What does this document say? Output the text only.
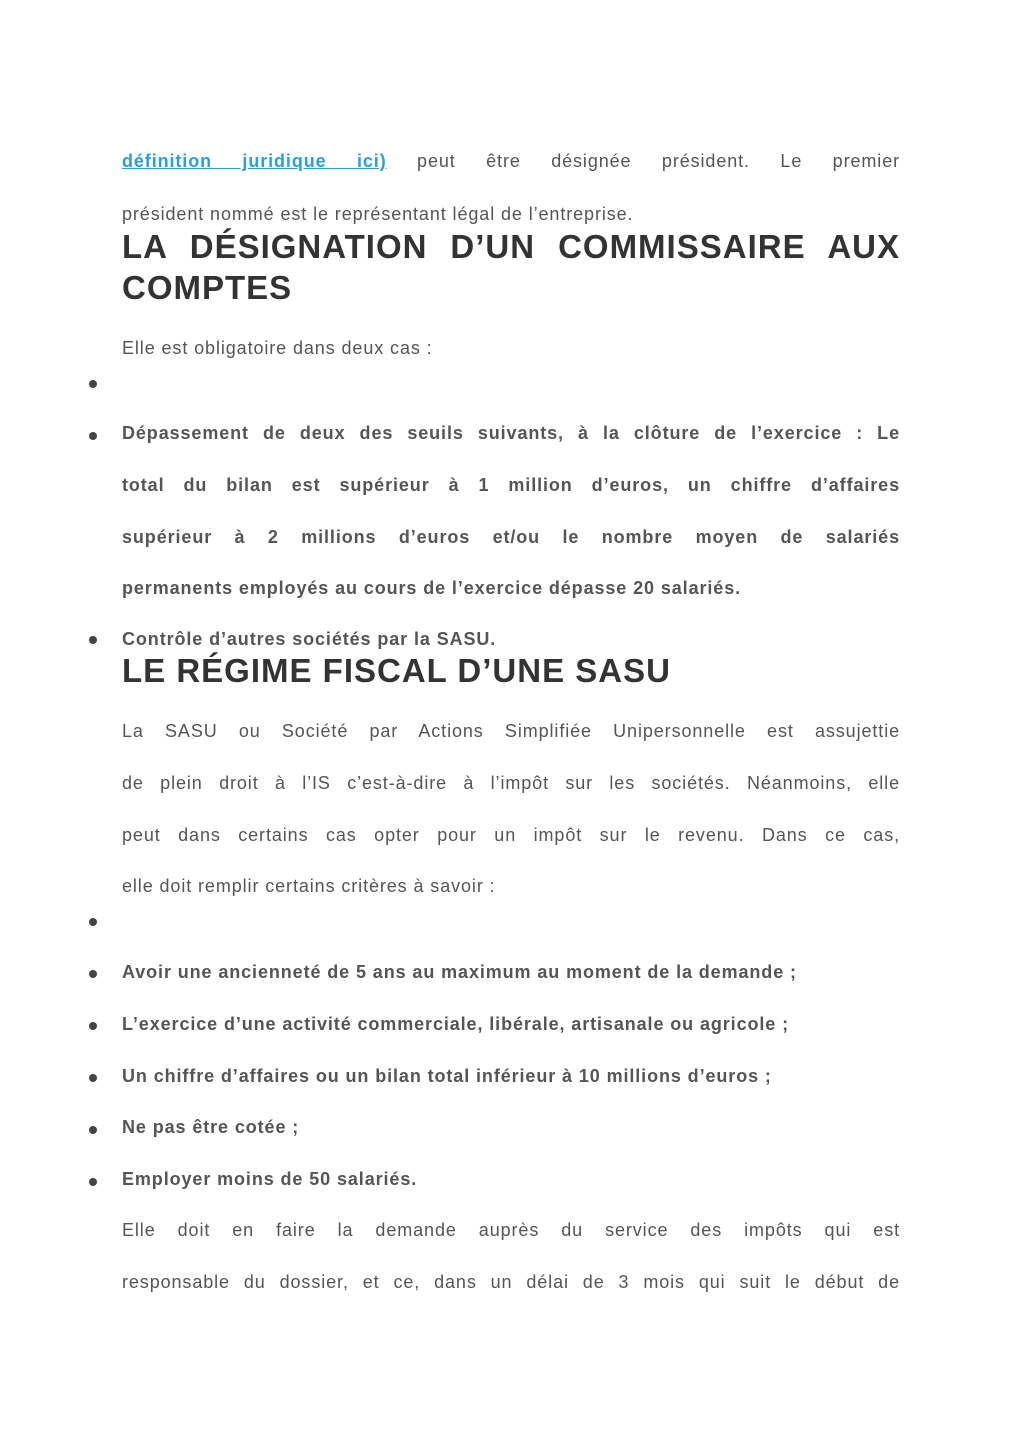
définition juridique ici) peut être désignée président. Le premier
président nommé est le représentant légal de l’entreprise.
LA DÉSIGNATION D’UN COMMISSAIRE AUX
COMPTES
Elle est obligatoire dans deux cas :
Dépassement de deux des seuils suivants, à la clôture de l’exercice : Le
total du bilan est supérieur à 1 million d’euros, un chiffre d’affaires
supérieur à 2 millions d’euros et/ou le nombre moyen de salariés
permanents employés au cours de l’exercice dépasse 20 salariés.
Contrôle d’autres sociétés par la SASU.
LE RÉGIME FISCAL D’UNE SASU
La SASU ou Société par Actions Simplifiée Unipersonnelle est assujettie
de plein droit à l’IS c’est-à-dire à l’impôt sur les sociétés. Néanmoins, elle
peut dans certains cas opter pour un impôt sur le revenu. Dans ce cas,
elle doit remplir certains critères à savoir :
Avoir une ancienneté de 5 ans au maximum au moment de la demande ;
L’exercice d’une activité commerciale, libérale, artisanale ou agricole ;
Un chiffre d’affaires ou un bilan total inférieur à 10 millions d’euros ;
Ne pas être cotée ;
Employer moins de 50 salariés.
Elle doit en faire la demande auprès du service des impôts qui est
responsable du dossier, et ce, dans un délai de 3 mois qui suit le début de
